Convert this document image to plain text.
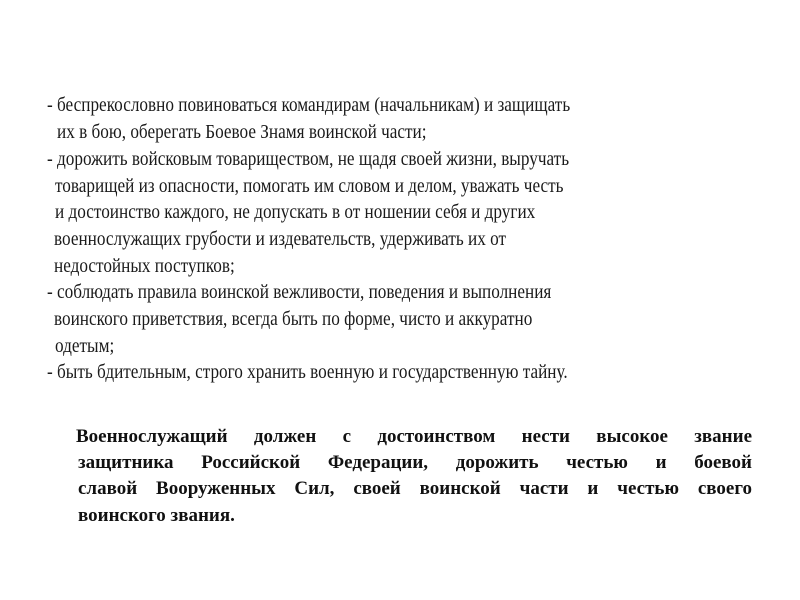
- беспрекословно повиноваться командирам (начальникам) и защищать
их в бою, оберегать Боевое Знамя воинской части;
- дорожить войсковым товариществом, не щадя своей жизни, выручать
товарищей из опасности, помогать им словом и делом, уважать честь
и достоинство каждого, не допускать в от ношении себя и других
военнослужащих грубости и издевательств, удерживать их от
недостойных поступков;
- соблюдать правила воинской вежливости, поведения и выполнения
воинского приветствия, всегда быть по форме, чисто и аккуратно
одетым;
- быть бдительным, строго хранить военную и государственную тайну.
Военнослужащий должен с достоинством нести высокое звание
защитника Российской Федерации, дорожить честью и боевой
славой Вооруженных Сил, своей воинской части и честью своего
воинского звания.
